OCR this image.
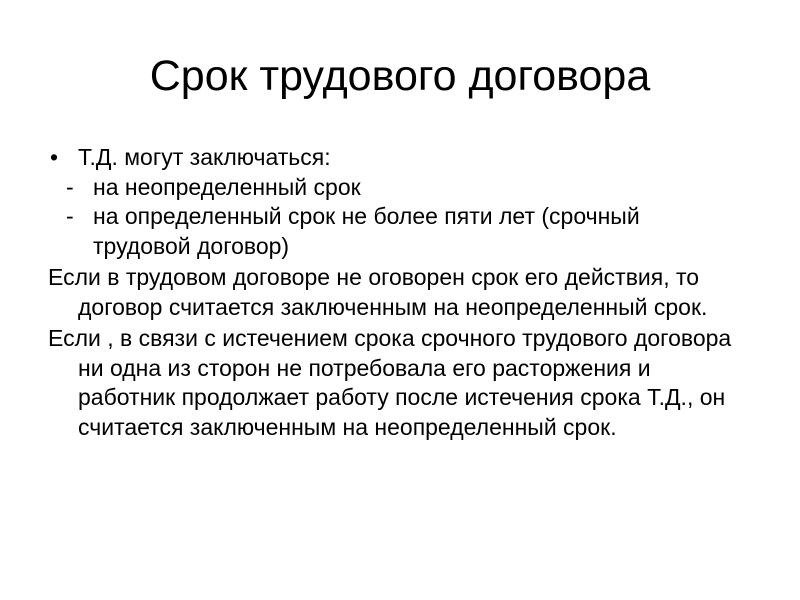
Срок трудового договора
• Т.Д. могут заключаться:
- на неопределенный срок
- на определенный срок не более пяти лет (срочный
трудовой договор)
Если в трудовом договоре не оговорен срок его действия, то договор считается заключенным на неопределенный срок.
Если , в связи с истечением срока срочного трудового договора ни одна из сторон не потребовала его расторжения и работник продолжает работу после истечения срока Т.Д., он считается заключенным на неопределенный срок.
